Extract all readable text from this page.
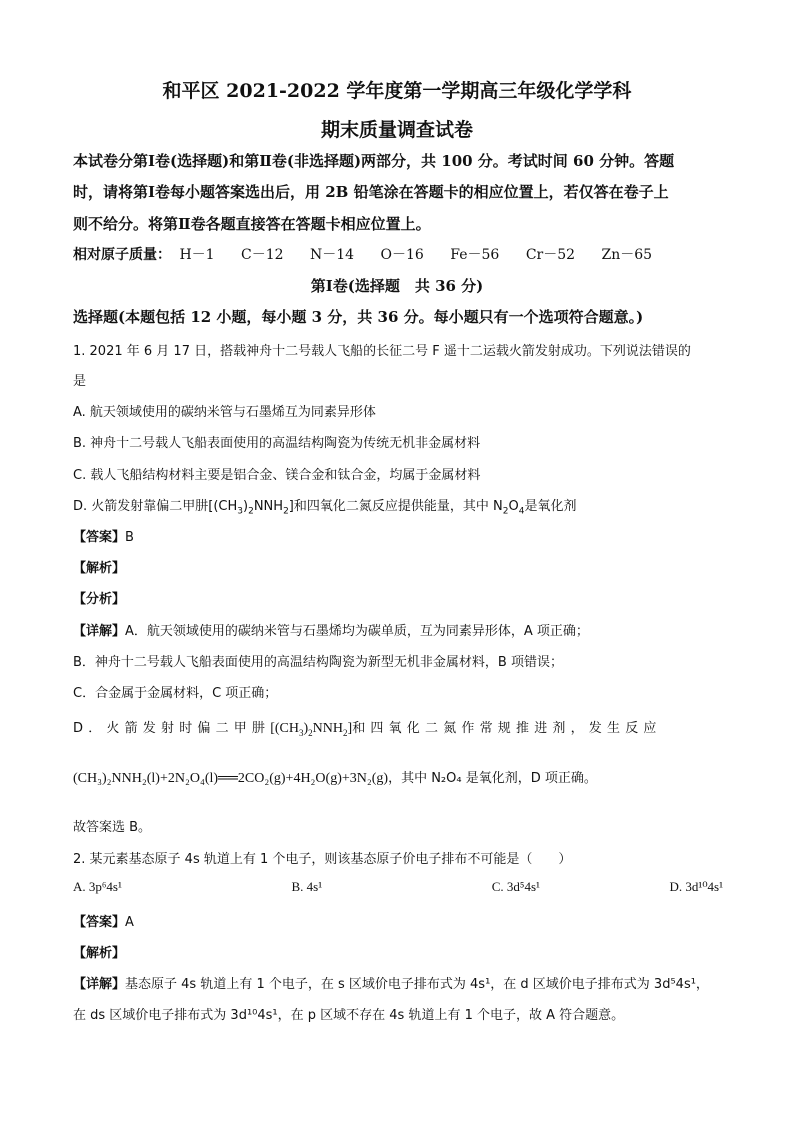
和平区 2021-2022 学年度第一学期高三年级化学学科
期末质量调查试卷
本试卷分第Ⅰ卷(选择题)和第Ⅱ卷(非选择题)两部分，共 100 分。考试时间 60 分钟。答题
时，请将第Ⅰ卷每小题答案选出后，用 2B 铅笔涂在答题卡的相应位置上，若仅答在卷子上
则不给分。将第Ⅱ卷各题直接答在答题卡相应位置上。
相对原子质量： H－1 C－12 N－14 O－16 Fe－56 Cr－52 Zn－65
第Ⅰ卷(选择题　共 36 分)
选择题(本题包括 12 小题，每小题 3 分，共 36 分。每小题只有一个选项符合题意。)
1. 2021 年 6 月 17 日，搭载神舟十二号载人飞船的长征二号 F 遥十二运载火箭发射成功。下列说法错误的
是
A. 航天领域使用的碳纳米管与石墨烯互为同素异形体
B. 神舟十二号载人飞船表面使用的高温结构陶瓷为传统无机非金属材料
C. 载人飞船结构材料主要是铝合金、镁合金和钛合金，均属于金属材料
D. 火箭发射靠偏二甲肼$[(CH_3)_2NNH_2]$和四氧化二氮反应提供能量，其中 $N_2O_4$是氧化剂
【答案】B
【解析】
【分析】
【详解】A．航天领域使用的碳纳米管与石墨烯均为碳单质，互为同素异形体，A 项正确；
B．神舟十二号载人飞船表面使用的高温结构陶瓷为新型无机非金属材料，B 项错误；
C．合金属于金属材料，C 项正确；
D．火箭发射时偏二甲肼$[(CH_3)_2NNH_2]$和四氧化二氮作常规推进剂，发生反应
(CH₃)₂NNH₂(l)+2N₂O₄(l)══2CO₂(g)+4H₂O(g)+3N₂(g)，其中 N₂O₄ 是氧化剂，D 项正确。
故答案选 B。
2. 某元素基态原子 4s 轨道上有 1 个电子，则该基态原子价电子排布不可能是（　　）
A. 3p⁶4s¹	B. 4s¹	C. 3d⁵4s¹	D. 3d¹⁰4s¹
【答案】A
【解析】
【详解】基态原子 4s 轨道上有 1 个电子，在 s 区域价电子排布式为 4s¹，在 d 区域价电子排布式为 3d⁵4s¹，
在 ds 区域价电子排布式为 3d¹⁰4s¹，在 p 区域不存在 4s 轨道上有 1 个电子，故 A 符合题意。
